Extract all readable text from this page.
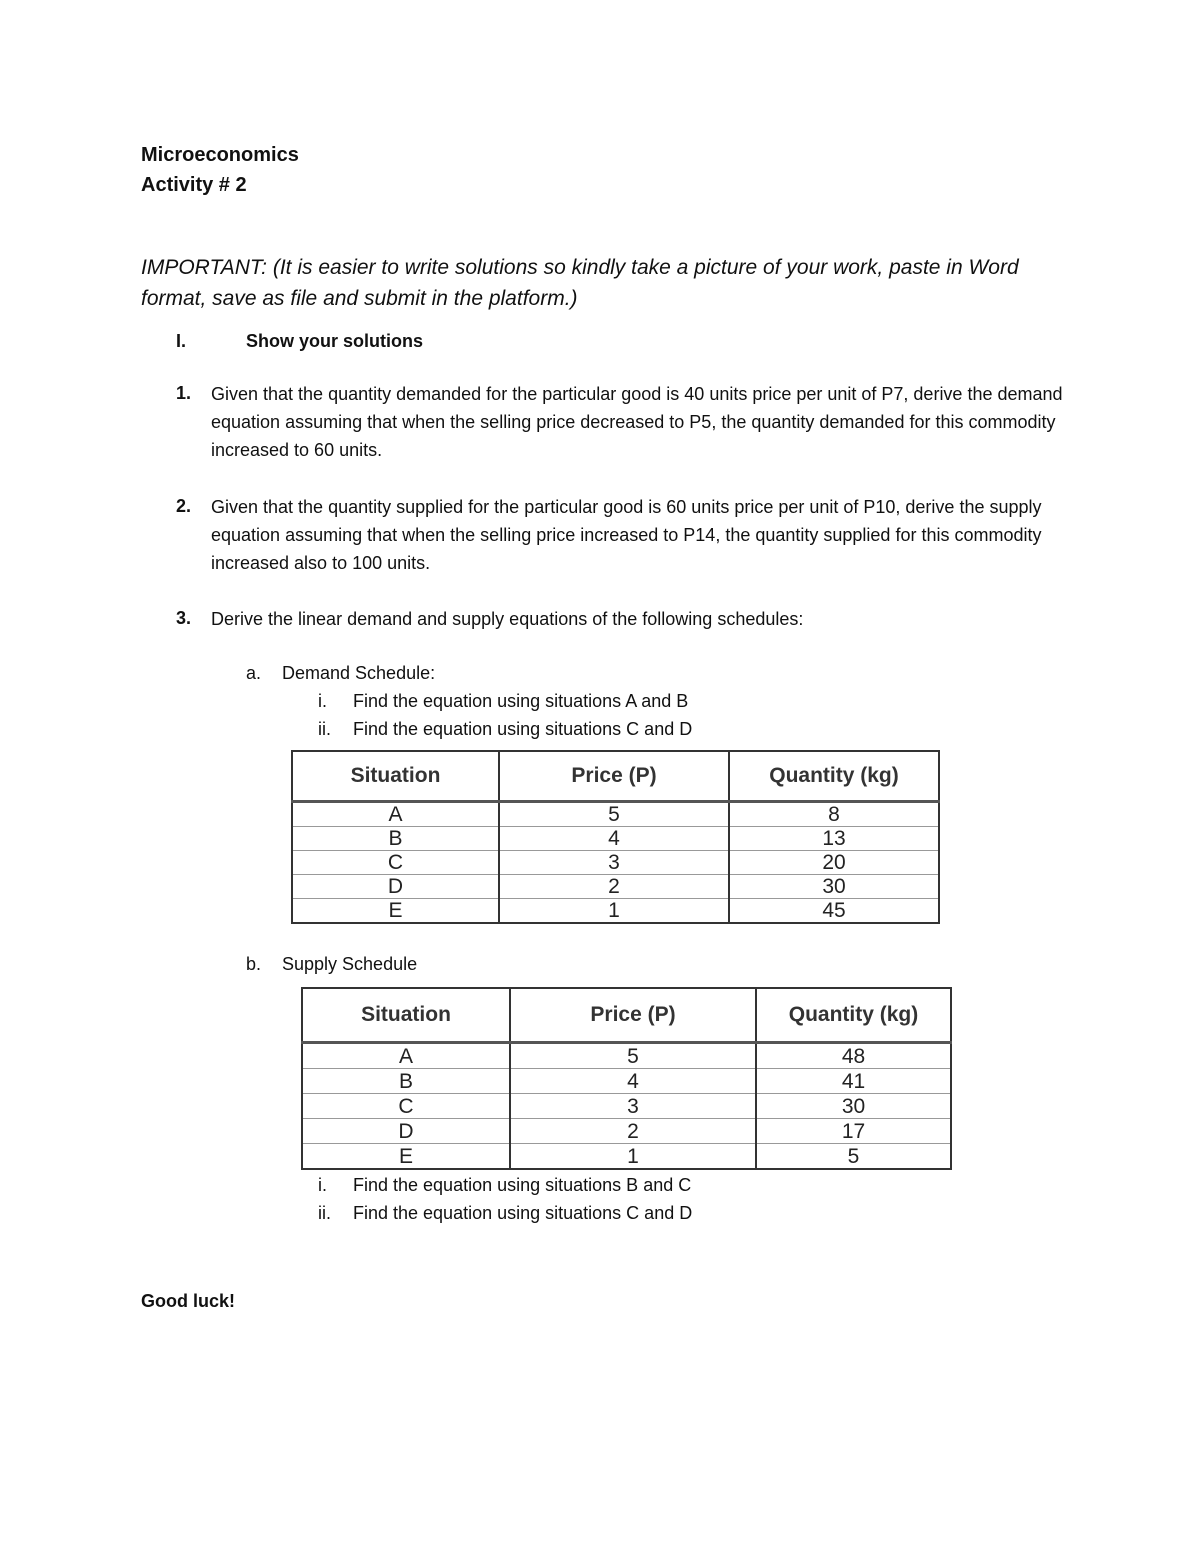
Microeconomics
Activity # 2
IMPORTANT: (It is easier to write solutions so kindly take a picture of your work, paste in Word format, save as file and submit in the platform.)
I.	Show your solutions
1. Given that the quantity demanded for the particular good is 40 units price per unit of P7, derive the demand equation assuming that when the selling price decreased to P5, the quantity demanded for this commodity increased to 60 units.
2. Given that the quantity supplied for the particular good is 60 units price per unit of P10, derive the supply equation assuming that when the selling price increased to P14, the quantity supplied for this commodity increased also to 100 units.
3. Derive the linear demand and supply equations of the following schedules:
a. Demand Schedule:
i.	Find the equation using situations A and B
ii.	Find the equation using situations C and D
Situation	Price (P)	Quantity (kg)
A	5	8
B	4	13
C	3	20
D	2	30
E	1	45
b. Supply Schedule
Situation	Price (P)	Quantity (kg)
A	5	48
B	4	41
C	3	30
D	2	17
E	1	5
i.	Find the equation using situations B and C
ii.	Find the equation using situations C and D
Good luck!
